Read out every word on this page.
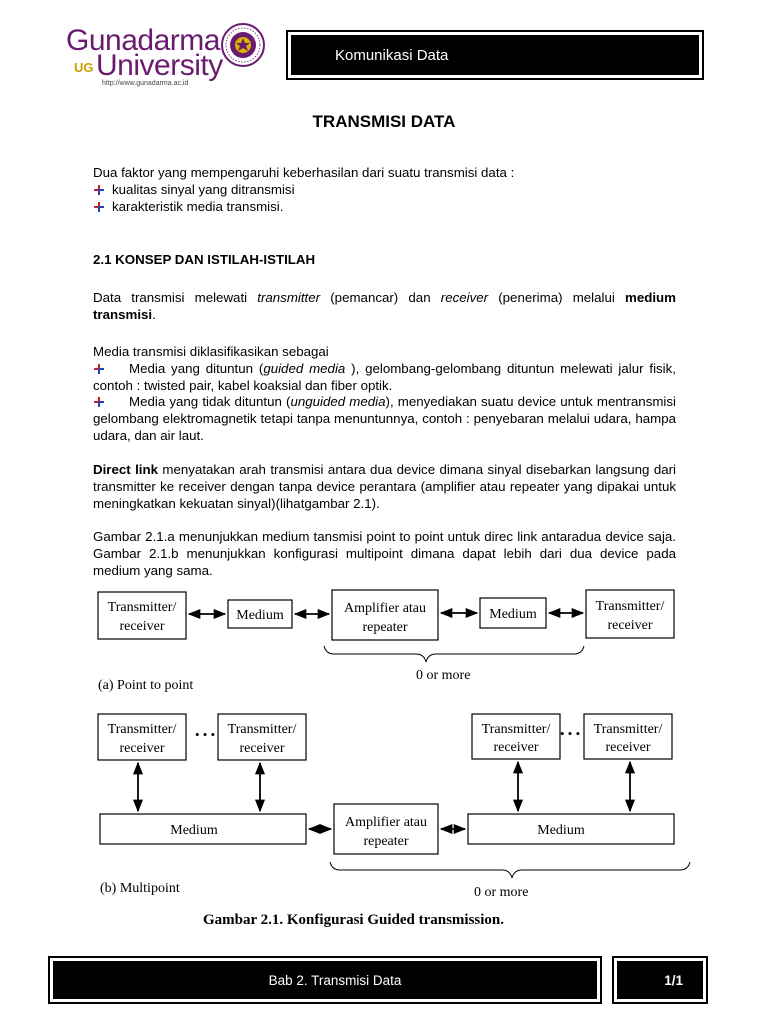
Gunadarma
UG University
http://www.gunadarma.ac.id
Komunikasi Data
TRANSMISI DATA
Dua faktor yang mempengaruhi keberhasilan dari suatu transmisi data :
kualitas sinyal yang ditransmisi
karakteristik media transmisi.
2.1 KONSEP DAN ISTILAH-ISTILAH
Data transmisi melewati transmitter (pemancar) dan receiver (penerima) melalui medium transmisi.
Media transmisi diklasifikasikan sebagai
Media yang dituntun (guided media ), gelombang-gelombang dituntun melewati jalur fisik, contoh : twisted pair, kabel koaksial dan fiber optik.
Media yang tidak dituntun (unguided media), menyediakan suatu device untuk mentransmisi gelombang elektromagnetik tetapi tanpa menuntunnya, contoh : penyebaran melalui udara, hampa udara, dan air laut.
Direct link menyatakan arah transmisi antara dua device dimana sinyal disebarkan langsung dari transmitter ke receiver dengan tanpa device perantara (amplifier atau repeater yang dipakai untuk meningkatkan kekuatan sinyal)(lihatgambar 2.1).
Gambar 2.1.a menunjukkan medium tansmisi point to point untuk direc link antaradua device saja. Gambar 2.1.b menunjukkan konfigurasi multipoint dimana dapat lebih dari dua device pada medium yang sama.
Transmitter/
receiver
Medium	Amplifier atau
repeater
Medium
Transmitter/
receiver
Transmitter/
receiver
Transmitter/
receiver
Transmitter/
receiver
Transmitter/
receiver
Medium
Amplifier atau
repeater
Medium
0 or more
(a) Point to point
• • •	• • •
0 or more
(b) Multipoint
Gambar 2.1. Konfigurasi Guided transmission.
Bab 2. Transmisi Data	1/1
